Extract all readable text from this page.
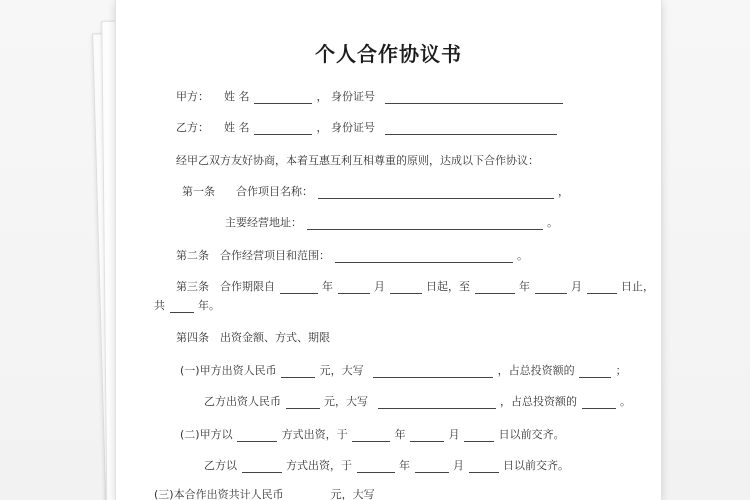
个人合作协议书
甲方： 姓 名	， 身份证号
乙方： 姓 名	， 身份证号
经甲乙双方友好协商，本着互惠互利互相尊重的原则，达成以下合作协议：
第一条 合作项目名称：	，
主要经营地址：	。
第二条 合作经营项目和范围：	。
第三条 合作期限自	年	月	日起，至	年	月	日止，
共	年。
第四条 出资金额、方式、期限
(一)甲方出资人民币	元，大写	，占总投资额的	；
乙方出资人民币	元，大写	，占总投资额的	。
(二)甲方以	方式出资，于	年	月	日以前交齐。
乙方以	方式出资，于	年	月	日以前交齐。
(三)本合作出资共计人民币	元，大写
